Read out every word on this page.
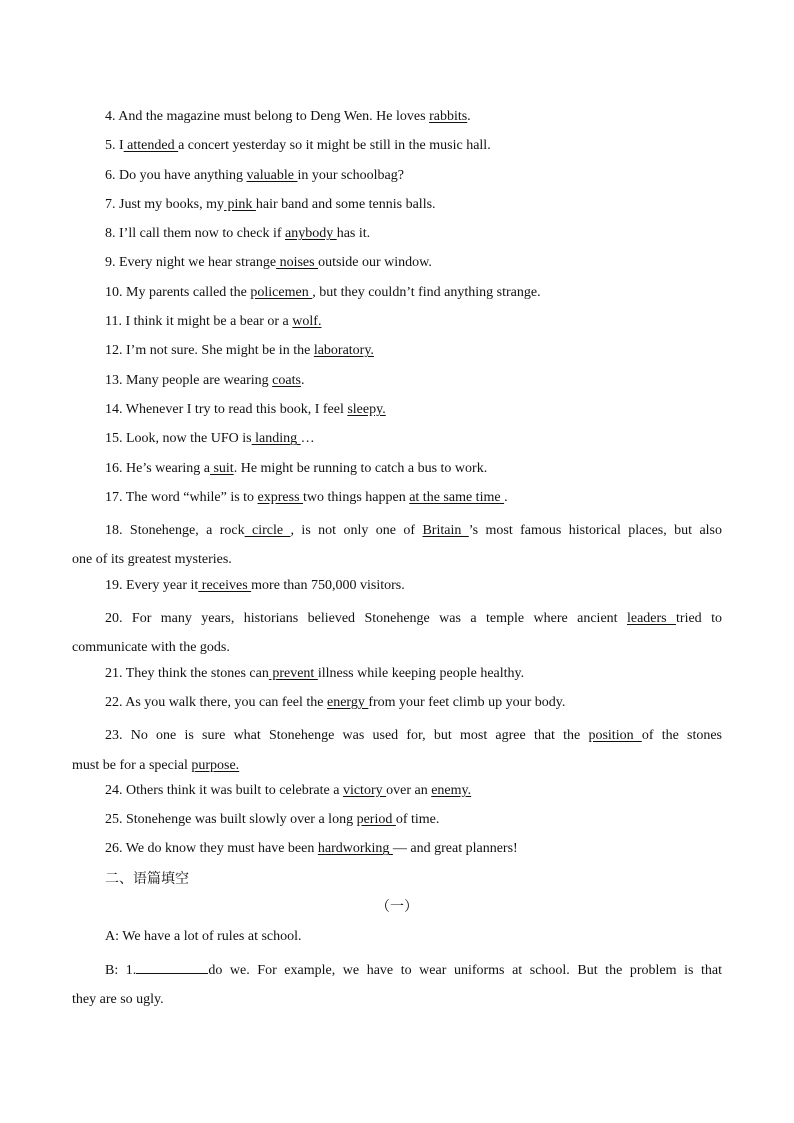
4. And the magazine must belong to Deng Wen. He loves rabbits.
5. I attended a concert yesterday so it might be still in the music hall.
6. Do you have anything valuable in your schoolbag?
7. Just my books, my pink hair band and some tennis balls.
8. I’ll call them now to check if anybody has it.
9. Every night we hear strange noises outside our window.
10. My parents called the policemen , but they couldn’t find anything strange.
11. I think it might be a bear or a wolf.
12. I’m not sure. She might be in the laboratory.
13. Many people are wearing coats.
14. Whenever I try to read this book, I feel sleepy.
15. Look, now the UFO is landing …
16. He’s wearing a suit. He might be running to catch a bus to work.
17. The word “while” is to express two things happen at the same time .
18. Stonehenge, a rock circle , is not only one of Britain ’s most famous historical places, but also
one of its greatest mysteries.
19. Every year it receives more than 750,000 visitors.
20. For many years, historians believed Stonehenge was a temple where ancient leaders tried to
communicate with the gods.
21. They think the stones can prevent illness while keeping people healthy.
22. As you walk there, you can feel the energy from your feet climb up your body.
23. No one is sure what Stonehenge was used for, but most agree that the position of the stones
must be for a special purpose.
24. Others think it was built to celebrate a victory over an enemy.
25. Stonehenge was built slowly over a long period of time.
26. We do know they must have been hardworking — and great planners!
二、语篇填空
（一）
A: We have a lot of rules at school.
B: 1.	do we. For example, we have to wear uniforms at school. But the problem is that
they are so ugly.
